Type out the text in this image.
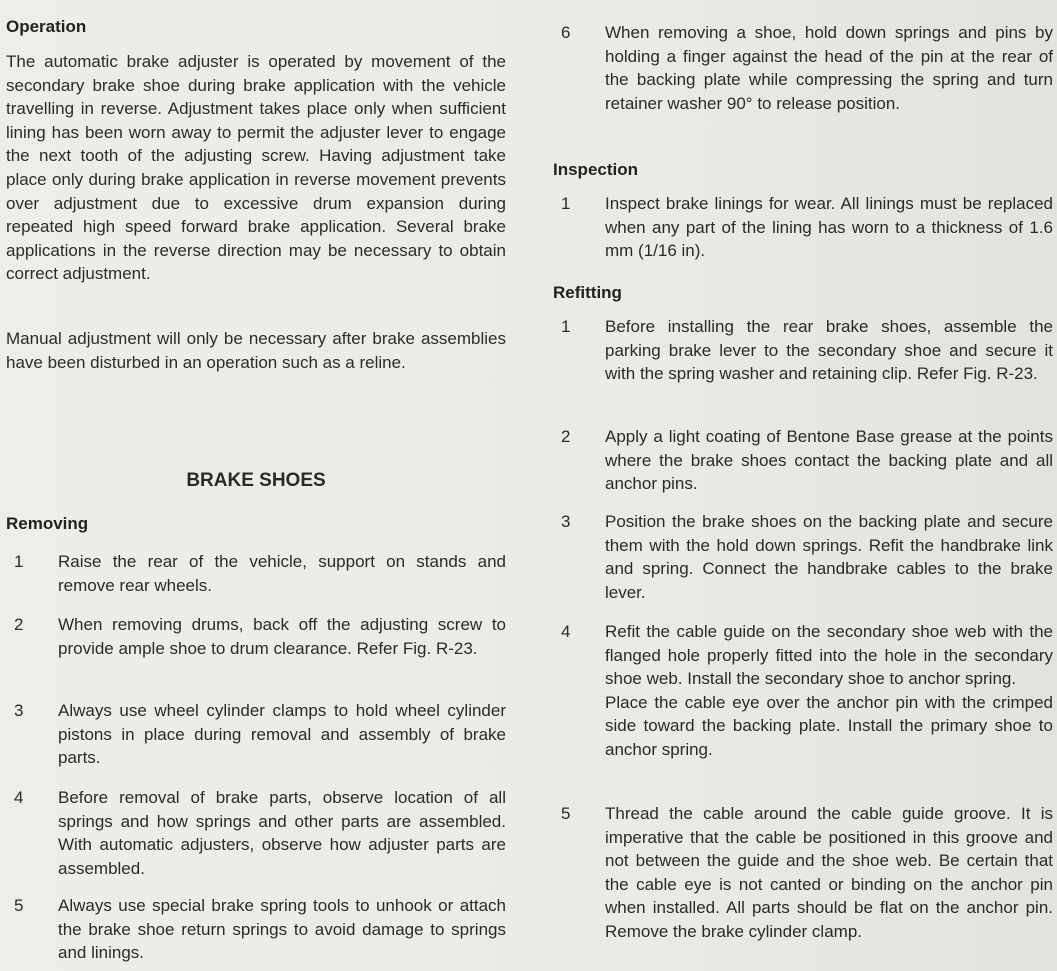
Operation

The automatic brake adjuster is operated by movement of the secondary brake shoe during brake application with the vehicle travelling in reverse. Adjustment takes place only when sufficient lining has been worn away to permit the adjuster lever to engage the next tooth of the adjusting screw. Having adjustment take place only during brake application in reverse movement prevents over adjustment due to excessive drum expansion during repeated high speed forward brake application. Several brake applications in the reverse direction may be necessary to obtain correct adjustment.

Manual adjustment will only be necessary after brake assemblies have been disturbed in an operation such as a reline.

BRAKE SHOES
Removing
1	Raise the rear of the vehicle, support on stands and remove rear wheels.
2	When removing drums, back off the adjusting screw to provide ample shoe to drum clearance. Refer Fig. R-23.
3	Always use wheel cylinder clamps to hold wheel cylinder pistons in place during removal and assembly of brake parts.
4	Before removal of brake parts, observe location of all springs and how springs and other parts are assembled. With automatic adjusters, observe how adjuster parts are assembled.
5	Always use special brake spring tools to unhook or attach the brake shoe return springs to avoid damage to springs and linings.
6	When removing a shoe, hold down springs and pins by holding a finger against the head of the pin at the rear of the backing plate while compressing the spring and turn retainer washer 90° to release position.
Inspection
1	Inspect brake linings for wear. All linings must be replaced when any part of the lining has worn to a thickness of 1.6 mm (1/16 in).
Refitting
1	Before installing the rear brake shoes, assemble the parking brake lever to the secondary shoe and secure it with the spring washer and retaining clip. Refer Fig. R-23.
2	Apply a light coating of Bentone Base grease at the points where the brake shoes contact the backing plate and all anchor pins.
3	Position the brake shoes on the backing plate and secure them with the hold down springs. Refit the handbrake link and spring. Connect the handbrake cables to the brake lever.
4	Refit the cable guide on the secondary shoe web with the flanged hole properly fitted into the hole in the secondary shoe web. Install the secondary shoe to anchor spring.
Place the cable eye over the anchor pin with the crimped side toward the backing plate. Install the primary shoe to anchor spring.
5	Thread the cable around the cable guide groove. It is imperative that the cable be positioned in this groove and not between the guide and the shoe web. Be certain that the cable eye is not canted or binding on the anchor pin when installed. All parts should be flat on the anchor pin. Remove the brake cylinder clamp.
